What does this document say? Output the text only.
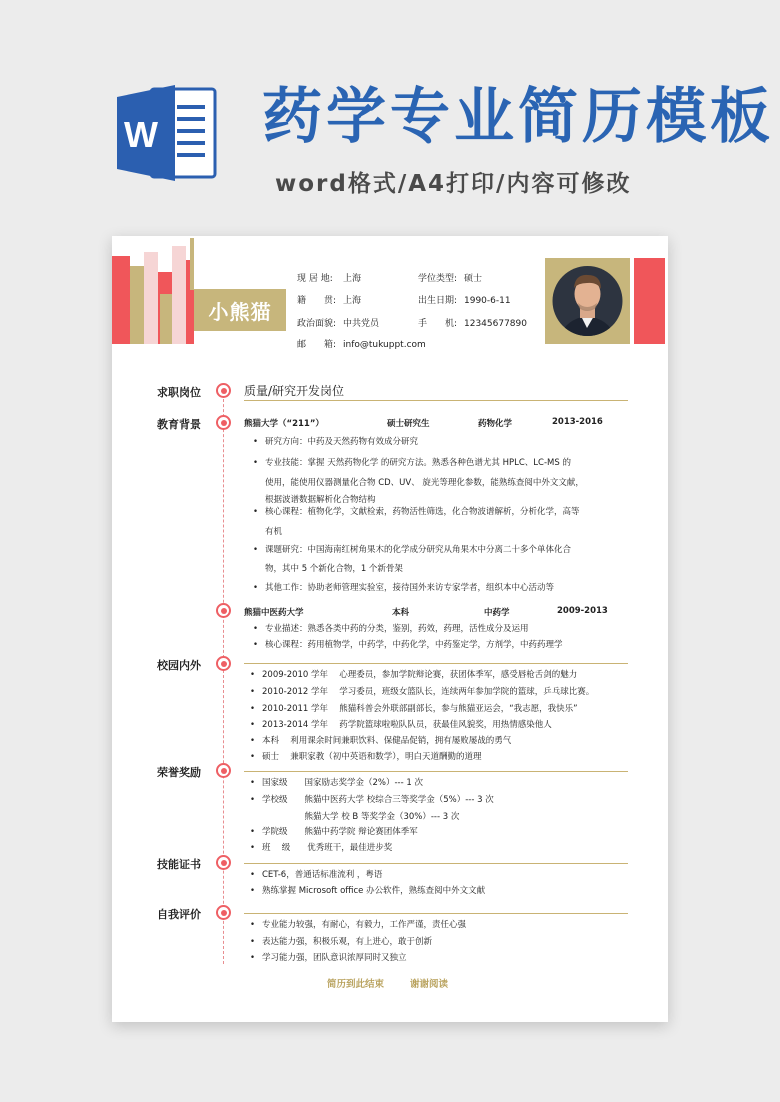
W 药学专业简历模板
word格式/A4打印/内容可修改
小熊猫
现 居 地: 上海	学位类型: 硕士
籍　　贯: 上海	出生日期: 1990-6-11
政治面貌: 中共党员	手　　机: 12345677890
邮　　箱: info@tukuppt.com
求职岗位	质量/研究开发岗位
教育背景	熊猫大学（“211”）	硕士研究生	药物化学	2013-2016
• 研究方向：中药及天然药物有效成分研究
• 专业技能：掌握 天然药物化学 的研究方法。熟悉各种色谱尤其 HPLC、LC-MS 的
使用，能使用仪器测量化合物 CD、UV、 旋光等理化参数，能熟练查阅中外文文献，
根据波谱数据解析化合物结构
• 核心课程：植物化学，文献检索，药物活性筛选，化合物波谱解析，分析化学，高等
有机
• 课题研究：中国海南红树角果木的化学成分研究从角果木中分离二十多个单体化合
物，其中 5 个新化合物，1 个新骨架
• 其他工作：协助老师管理实验室，接待国外来访专家学者，组织本中心活动等
熊猫中医药大学	本科	中药学	2009-2013
• 专业描述：熟悉各类中药的分类，鉴别，药效，药理，活性成分及运用
• 核心课程：药用植物学，中药学，中药化学，中药鉴定学，方剂学，中药药理学
校园内外
• 2009-2010 学年　 心理委员，参加学院辩论赛，获团体季军，感受唇枪舌剑的魅力
• 2010-2012 学年　 学习委员，班级女篮队长，连续两年参加学院的篮球，乒乓球比赛。
• 2010-2011 学年　 熊猫科普会外联部副部长，参与熊猫亚运会，“我志愿，我快乐”
• 2013-2014 学年　 药学院篮球啦啦队队员，获最佳风貌奖，用热情感染他人
• 本科　 利用课余时间兼职饮料、保健品促销，拥有屡败屡战的勇气
• 硕士　 兼职家教（初中英语和数学），明白天道酬勤的道理
荣誉奖励
• 国家级　　国家励志奖学金（2%）--- 1 次
• 学校级　　熊猫中医药大学 校综合三等奖学金（5%）--- 3 次
　　　　　熊猫大学 校 B 等奖学金（30%）--- 3 次
• 学院级　　熊猫中药学院 辩论赛团体季军
• 班　 级　　优秀班干，最佳进步奖
技能证书
• CET-6，普通话标准流利 ，粤语
• 熟练掌握 Microsoft office 办公软件，熟练查阅中外文文献
自我评价
• 专业能力较强，有耐心，有毅力，工作严谨，责任心强
• 表达能力强，积极乐观，有上进心，敢于创新
• 学习能力强，团队意识浓厚同时又独立
简历到此结束	谢谢阅读
